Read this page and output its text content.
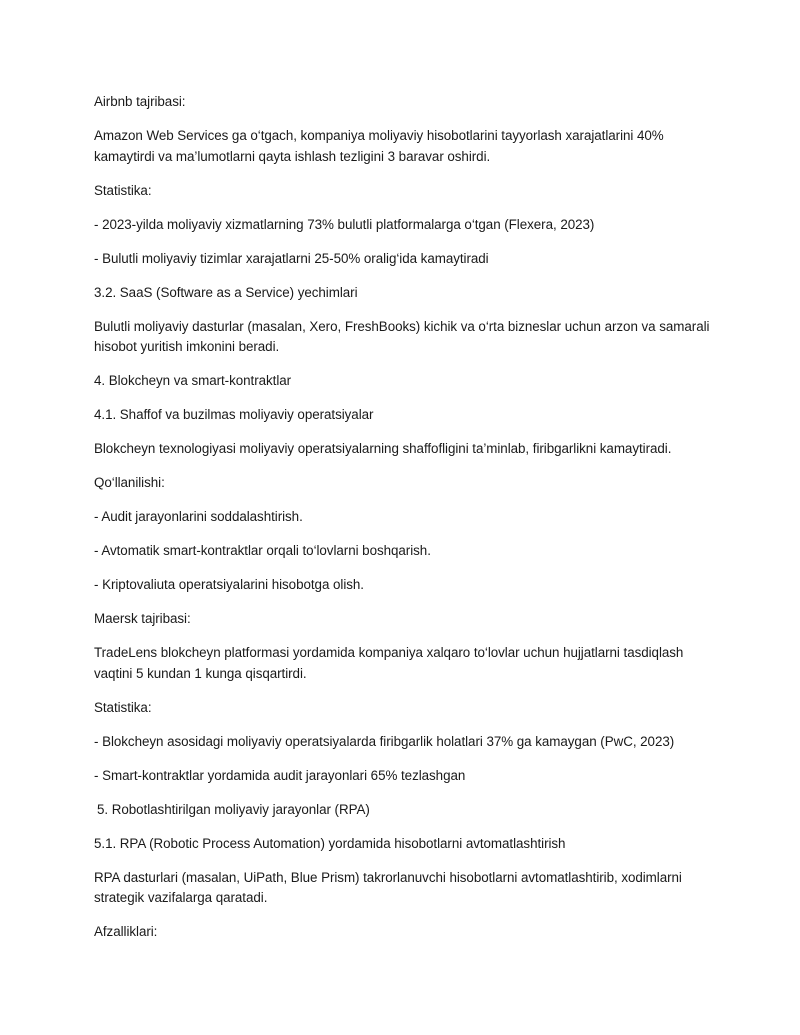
Airbnb tajribasi:

Amazon Web Services ga o‘tgach, kompaniya moliyaviy hisobotlarini tayyorlash xarajatlarini 40% kamaytirdi va ma’lumotlarni qayta ishlash tezligini 3 baravar oshirdi.

Statistika:

- 2023-yilda moliyaviy xizmatlarning 73% bulutli platformalarga o‘tgan (Flexera, 2023)

- Bulutli moliyaviy tizimlar xarajatlarni 25-50% oralig‘ida kamaytiradi

3.2. SaaS (Software as a Service) yechimlari

Bulutli moliyaviy dasturlar (masalan, Xero, FreshBooks) kichik va o‘rta bizneslar uchun arzon va samarali hisobot yuritish imkonini beradi.

4. Blokcheyn va smart-kontraktlar

4.1. Shaffof va buzilmas moliyaviy operatsiyalar

Blokcheyn texnologiyasi moliyaviy operatsiyalarning shaffofligini ta’minlab, firibgarlikni kamaytiradi.

Qo‘llanilishi:

- Audit jarayonlarini soddalashtirish.

- Avtomatik smart-kontraktlar orqali to‘lovlarni boshqarish.

- Kriptovaliuta operatsiyalarini hisobotga olish.

Maersk tajribasi:

TradeLens blokcheyn platformasi yordamida kompaniya xalqaro to‘lovlar uchun hujjatlarni tasdiqlash vaqtini 5 kundan 1 kunga qisqartirdi.

Statistika:

- Blokcheyn asosidagi moliyaviy operatsiyalarda firibgarlik holatlari 37% ga kamaygan (PwC, 2023)

- Smart-kontraktlar yordamida audit jarayonlari 65% tezlashgan

5. Robotlashtirilgan moliyaviy jarayonlar (RPA)

5.1. RPA (Robotic Process Automation) yordamida hisobotlarni avtomatlashtirish

RPA dasturlari (masalan, UiPath, Blue Prism) takrorlanuvchi hisobotlarni avtomatlashtirib, xodimlarni strategik vazifalarga qaratadi.

Afzalliklari:
